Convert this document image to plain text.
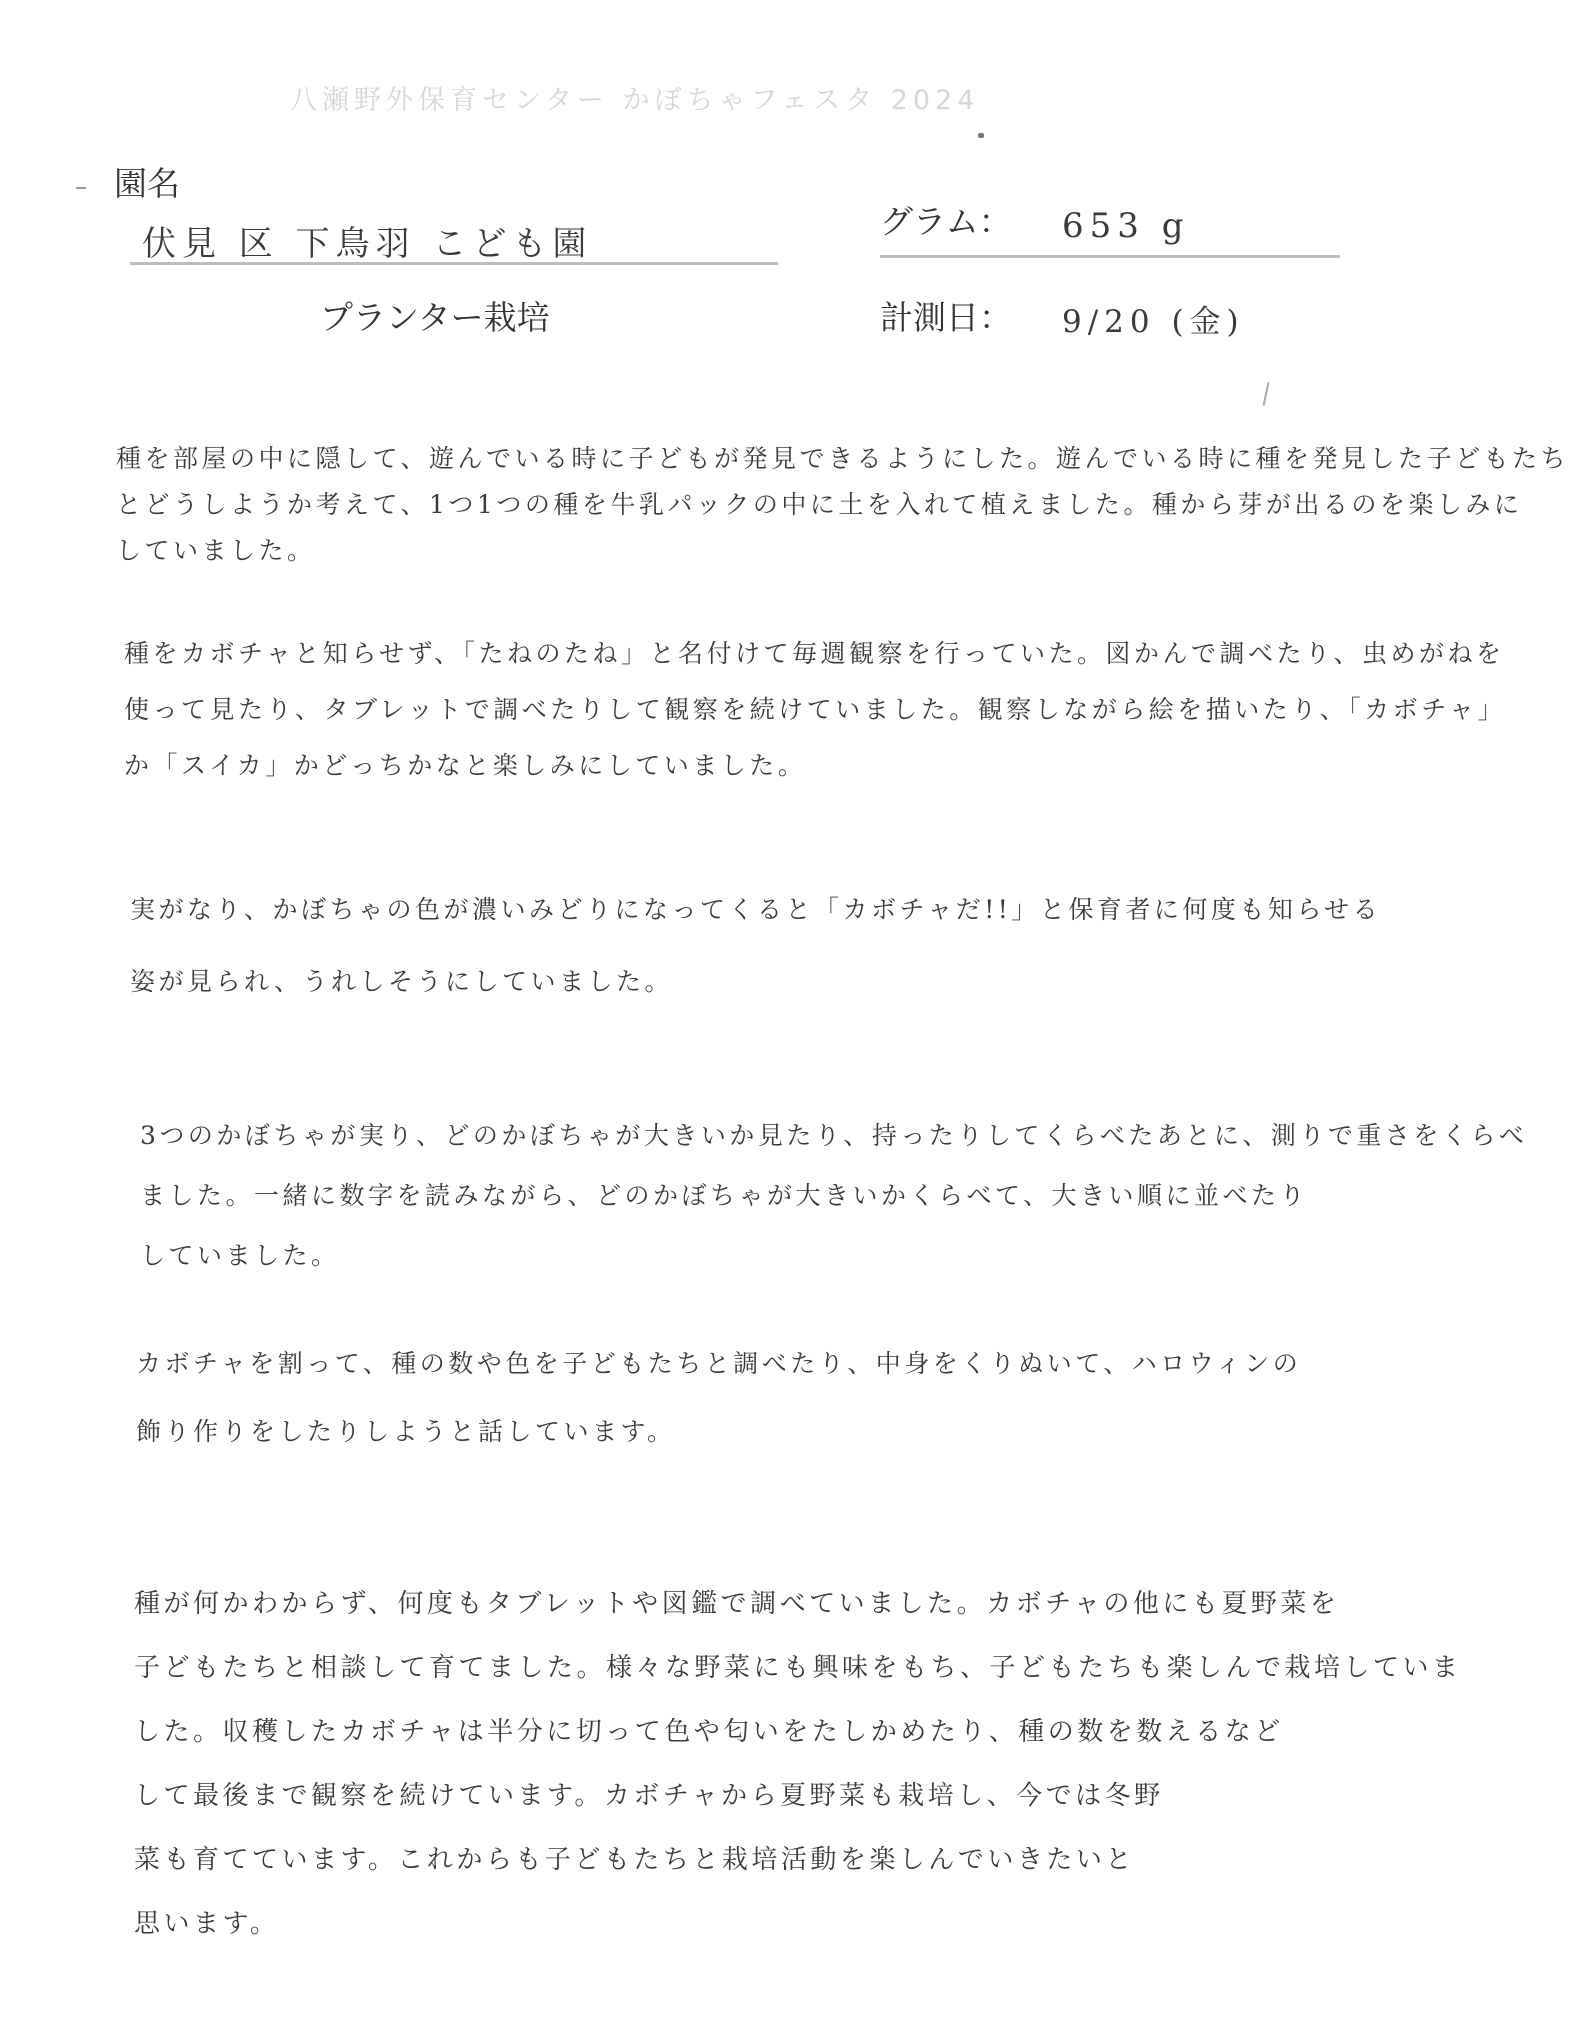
八瀬野外保育センター かぼちゃフェスタ 2024
園名
伏見 区 下鳥羽 こども園
プランター栽培
グラム： 653 g
計測日： 9/20 (金)
種を部屋の中に隠して、遊んでいる時に子どもが発見できるようにした。遊んでいる時に種を発見した子どもたち
とどうしようか考えて、1つ1つの種を牛乳パックの中に土を入れて植えました。種から芽が出るのを楽しみに
していました。
種をカボチャと知らせず、「たねのたね」と名付けて毎週観察を行っていた。図かんで調べたり、虫めがねを
使って見たり、タブレットで調べたりして観察を続けていました。観察しながら絵を描いたり、「カボチャ」
か「スイカ」かどっちかなと楽しみにしていました。
実がなり、かぼちゃの色が濃いみどりになってくると「カボチャだ!!」と保育者に何度も知らせる
姿が見られ、うれしそうにしていました。
3つのかぼちゃが実り、どのかぼちゃが大きいか見たり、持ったりしてくらべたあとに、測りで重さをくらべ
ました。一緒に数字を読みながら、どのかぼちゃが大きいかくらべて、大きい順に並べたり
していました。
カボチャを割って、種の数や色を子どもたちと調べたり、中身をくりぬいて、ハロウィンの
飾り作りをしたりしようと話しています。
種が何かわからず、何度もタブレットや図鑑で調べていました。カボチャの他にも夏野菜を
子どもたちと相談して育てました。様々な野菜にも興味をもち、子どもたちも楽しんで栽培していま
した。収穫したカボチャは半分に切って色や匂いをたしかめたり、種の数を数えるなど
して最後まで観察を続けています。カボチャから夏野菜も栽培し、今では冬野
菜も育てています。これからも子どもたちと栽培活動を楽しんでいきたいと
思います。
